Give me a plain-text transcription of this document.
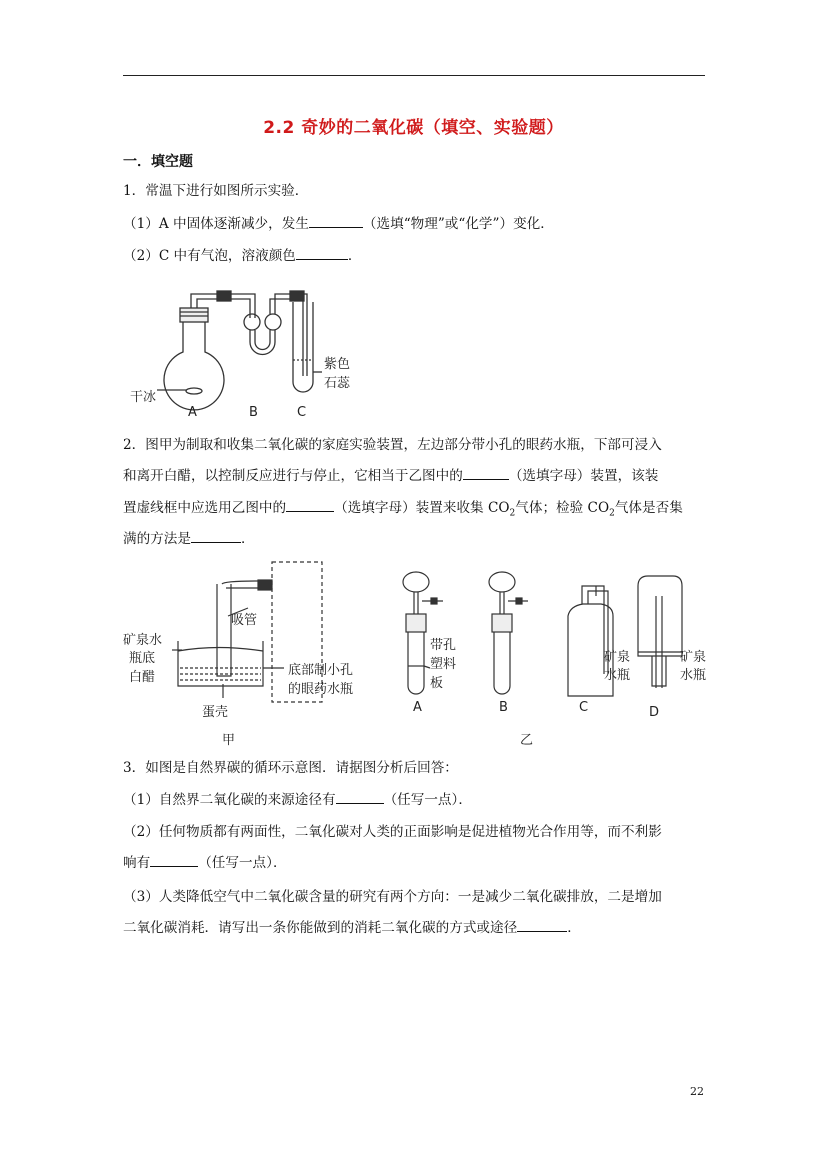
2.2 奇妙的二氧化碳（填空、实验题）
一．填空题
1．常温下进行如图所示实验．
（1）A 中固体逐渐减少，发生	（选填“物理”或“化学”）变化．
（2）C 中有气泡，溶液颜色	．
干冰
紫色
石蕊
A	B	C
2．图甲为制取和收集二氧化碳的家庭实验装置，左边部分带小孔的眼药水瓶，下部可浸入
和离开白醋，以控制反应进行与停止，它相当于乙图中的	（选填字母）装置，该装
置虚线框中应选用乙图中的	（选填字母）装置来收集 $CO_2$气体；检验 $CO_2$气体是否集
满的方法是	．
吸管
矿泉水
瓶底
白醋
蛋壳
底部制小孔
的眼药水瓶
带孔
塑料
板
矿泉
水瓶
矿泉
水瓶
A	B	C	D
甲	乙
3．如图是自然界碳的循环示意图．请据图分析后回答：
（1）自然界二氧化碳的来源途径有	（任写一点）．
（2）任何物质都有两面性，二氧化碳对人类的正面影响是促进植物光合作用等，而不利影
响有	（任写一点）．
（3）人类降低空气中二氧化碳含量的研究有两个方向：一是减少二氧化碳排放，二是增加
二氧化碳消耗．请写出一条你能做到的消耗二氧化碳的方式或途径	．
22
